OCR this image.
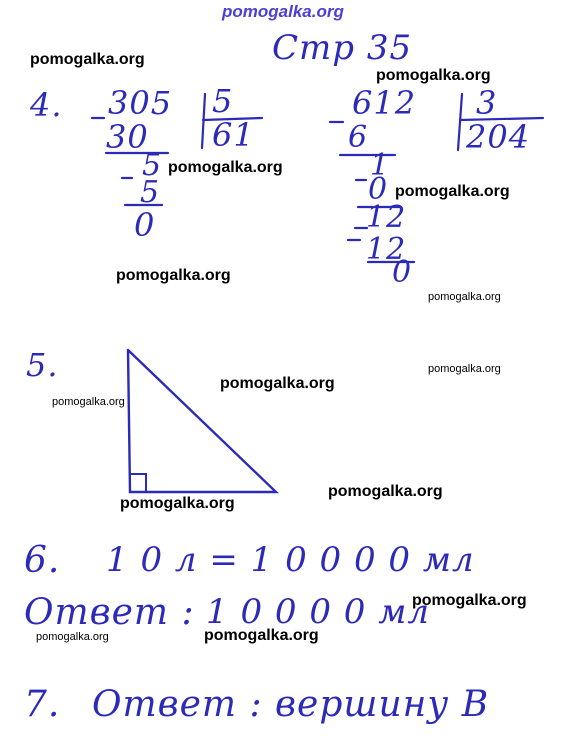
pomogalka.org
Стр 35
4. 305 5
61
30
5
5
0
612 3
204
6
1
0
12
12
0
5.
6. 1 0 л = 1 0 0 0 0 мл
Ответ : 1 0 0 0 0 мл
7. Ответ : вершину В
pomogalka.org
pomogalka.org
pomogalka.org
pomogalka.org
pomogalka.org
pomogalka.org
pomogalka.org
pomogalka.org
pomogalka.org
pomogalka.org
pomogalka.org
pomogalka.org
pomogalka.org	pomogalka.org
